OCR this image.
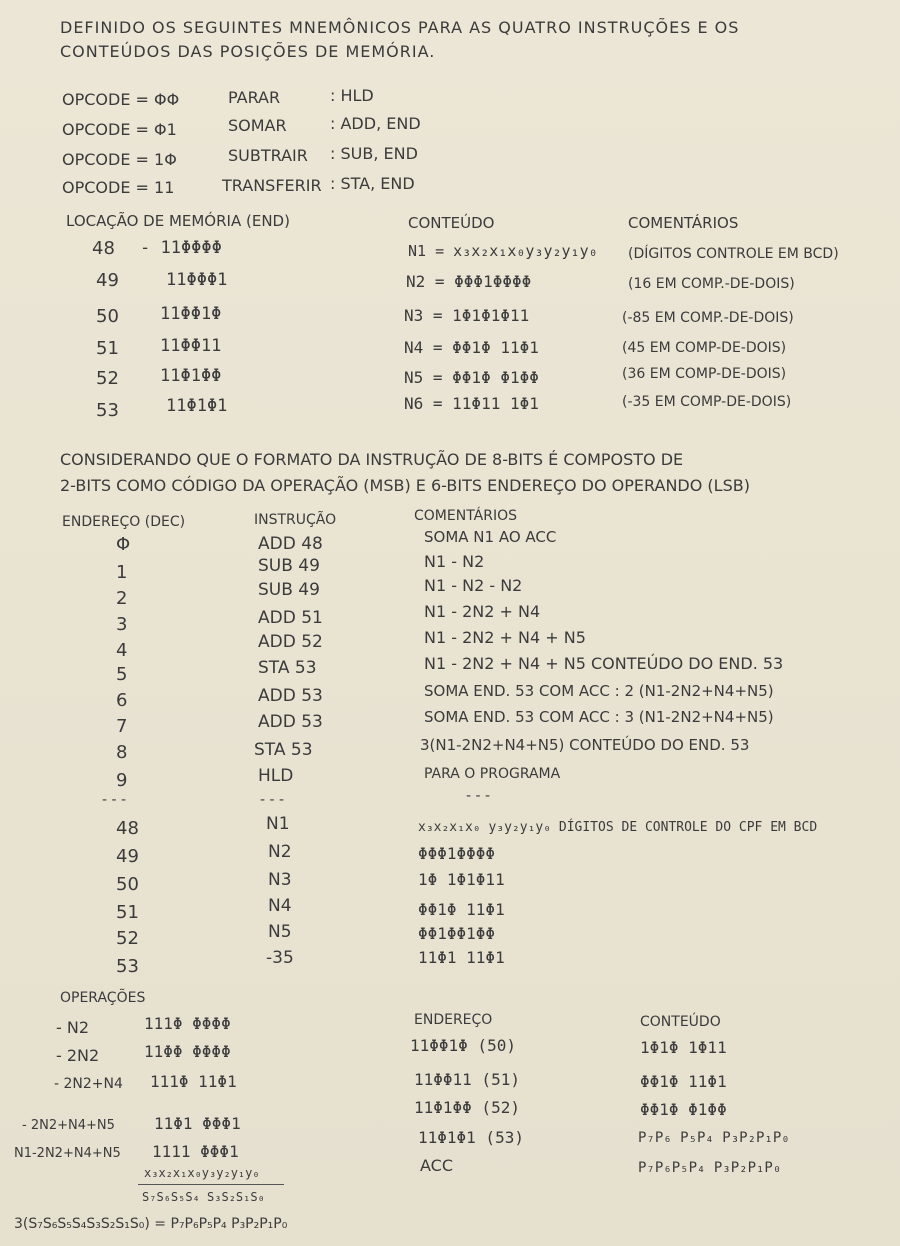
DEFINIDO OS SEGUINTES MNEMÔNICOS PARA AS QUATRO INSTRUÇÕES E OS
CONTEÚDOS DAS POSIÇÕES DE MEMÓRIA.
OPCODE = ΦΦ	PARAR	: HLD
OPCODE = Φ1	SOMAR	: ADD, END
OPCODE = 1Φ	SUBTRAIR : SUB, END
OPCODE = 11	TRANSFERIR : STA, END
LOCAÇÃO DE MEMÓRIA (END)	CONTEÚDO	COMENTÁRIOS
48 - 11ΦΦΦΦ	N1 = x₃x₂x₁x₀y₃y₂y₁y₀ (DÍGITOS CONTROLE EM BCD)
49	11ΦΦΦ1	N2 = ΦΦΦ1ΦΦΦΦ	(16 EM COMP.-DE-DOIS)
50 11ΦΦ1Φ	N3 = 1Φ1Φ1Φ11	(-85 EM COMP.-DE-DOIS)
51 11ΦΦ11	N4 = ΦΦ1Φ 11Φ1	(45 EM COMP-DE-DOIS)
52 11Φ1ΦΦ	N5 = ΦΦ1Φ Φ1ΦΦ	(36 EM COMP-DE-DOIS)
53	11Φ1Φ1	N6 = 11Φ11 1Φ1	(-35 EM COMP-DE-DOIS)
CONSIDERANDO QUE O FORMATO DA INSTRUÇÃO DE 8-BITS É COMPOSTO DE
2-BITS COMO CÓDIGO DA OPERAÇÃO (MSB) E 6-BITS ENDEREÇO DO OPERANDO (LSB)
ENDEREÇO (DEC)	INSTRUÇÃO	COMENTÁRIOS
Φ	ADD 48	SOMA N1 AO ACC
1	SUB 49	N1 - N2
2	SUB 49	N1 - N2 - N2
3	ADD 51	N1 - 2N2 + N4
4	ADD 52	N1 - 2N2 + N4 + N5
5	STA 53	N1 - 2N2 + N4 + N5 CONTEÚDO DO END. 53
6	ADD 53	SOMA END. 53 COM ACC : 2 (N1-2N2+N4+N5)
7	ADD 53	SOMA END. 53 COM ACC : 3 (N1-2N2+N4+N5)
8	STA 53	3(N1-2N2+N4+N5) CONTEÚDO DO END. 53
9	HLD	PARA O PROGRAMA
- - -	- - -	- - -
48	N1	x₃x₂x₁x₀ y₃y₂y₁y₀ DÍGITOS DE CONTROLE DO CPF EM BCD
49	N2	ΦΦΦ1ΦΦΦΦ
50	N3	1Φ 1Φ1Φ11
51	N4	ΦΦ1Φ 11Φ1
52	N5	ΦΦ1ΦΦ1ΦΦ
53	-35	11Φ1 11Φ1
OPERAÇÕES
- N2	111Φ ΦΦΦΦ
- 2N2	11ΦΦ ΦΦΦΦ
- 2N2+N4 111Φ 11Φ1
- 2N2+N4+N5 11Φ1 ΦΦΦ1
N1-2N2+N4+N5 1111 ΦΦΦ1
x₃x₂x₁x₀y₃y₂y₁y₀
S₇S₆S₅S₄ S₃S₂S₁S₀
3(S₇S₆S₅S₄S₃S₂S₁S₀) = P₇P₆P₅P₄ P₃P₂P₁P₀
ENDEREÇO	CONTEÚDO
11ΦΦ1Φ (50)	1Φ1Φ 1Φ11
11ΦΦ11 (51)	ΦΦ1Φ 11Φ1
11Φ1ΦΦ (52)	ΦΦ1Φ Φ1ΦΦ
11Φ1Φ1 (53)	P₇P₆ P₅P₄ P₃P₂P₁P₀
ACC	P₇P₆P₅P₄ P₃P₂P₁P₀
